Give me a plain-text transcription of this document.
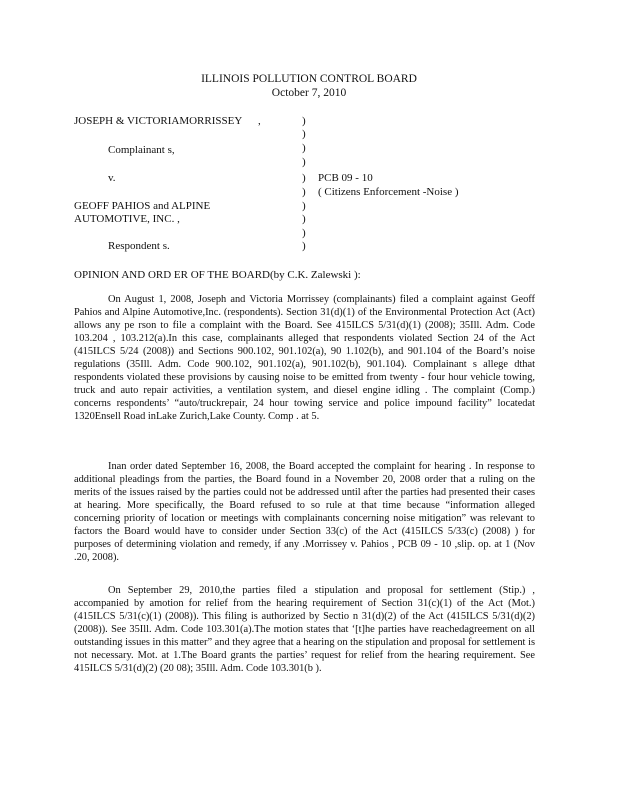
ILLINOIS POLLUTION CONTROL BOARD
October 7, 2010
JOSEPH & VICTORIAMORRISSEY ,
Complainant s,
v.
GEOFF PAHIOS and ALPINE
AUTOMOTIVE, INC. ,
Respondent s.
PCB 09 - 10
( Citizens Enforcement -Noise )
)
)
)
)
)
)
)
)
)
)
OPINION AND ORD ER OF THE BOARD(by C.K. Zalewski ):

On August 1, 2008, Joseph and Victoria Morrissey (complainants) filed a complaint against Geoff Pahios and Alpine Automotive,Inc. (respondents). Section 31(d)(1) of the Environmental Protection Act (Act) allows any pe rson to file a complaint with the Board. See 415ILCS 5/31(d)(1) (2008); 35Ill. Adm. Code 103.204 , 103.212(a).In this case, complainants alleged that respondents violated Section 24 of the Act (415ILCS 5/24 (2008)) and Sections 900.102, 901.102(a), 90 1.102(b), and 901.104 of the Board’s noise regulations (35Ill. Adm. Code 900.102, 901.102(a), 901.102(b), 901.104). Complainant s allege dthat respondents violated these provisions by causing noise to be emitted from twenty - four hour vehicle towing, truck and auto repair activities, a ventilation system, and diesel engine idling . The complaint (Comp.) concerns respondents’ “auto/truckrepair, 24 hour towing service and police impound facility” locatedat 1320Ensell Road inLake Zurich,Lake County. Comp . at 5.

Inan order dated September 16, 2008, the Board accepted the complaint for hearing . In response to additional pleadings from the parties, the Board found in a November 20, 2008 order that a ruling on the merits of the issues raised by the parties could not be addressed until after the parties had presented their cases at hearing. More specifically, the Board refused to so rule at that time because “information alleged concerning priority of location or meetings with complainants concerning noise mitigation” was relevant to factors the Board would have to consider under Section 33(c) of the Act (415ILCS 5/33(c) (2008) ) for purposes of determining violation and remedy, if any .Morrissey v. Pahios , PCB 09 - 10 ,slip. op. at 1 (Nov .20, 2008).

On September 29, 2010,the parties filed a stipulation and proposal for settlement (Stip.) , accompanied by amotion for relief from the hearing requirement of Section 31(c)(1) of the Act (Mot.) (415ILCS 5/31(c)(1) (2008)). This filing is authorized by Sectio n 31(d)(2) of the Act (415ILCS 5/31(d)(2) (2008)). See 35Ill. Adm. Code 103.301(a).The motion states that ‘[t]he parties have reachedagreement on all outstanding issues in this matter” and they agree that a hearing on the stipulation and proposal for settlement is not necessary. Mot. at 1.The Board grants the parties’ request for relief from the hearing requirement. See 415ILCS 5/31(d)(2) (20 08); 35Ill. Adm. Code 103.301(b ).
